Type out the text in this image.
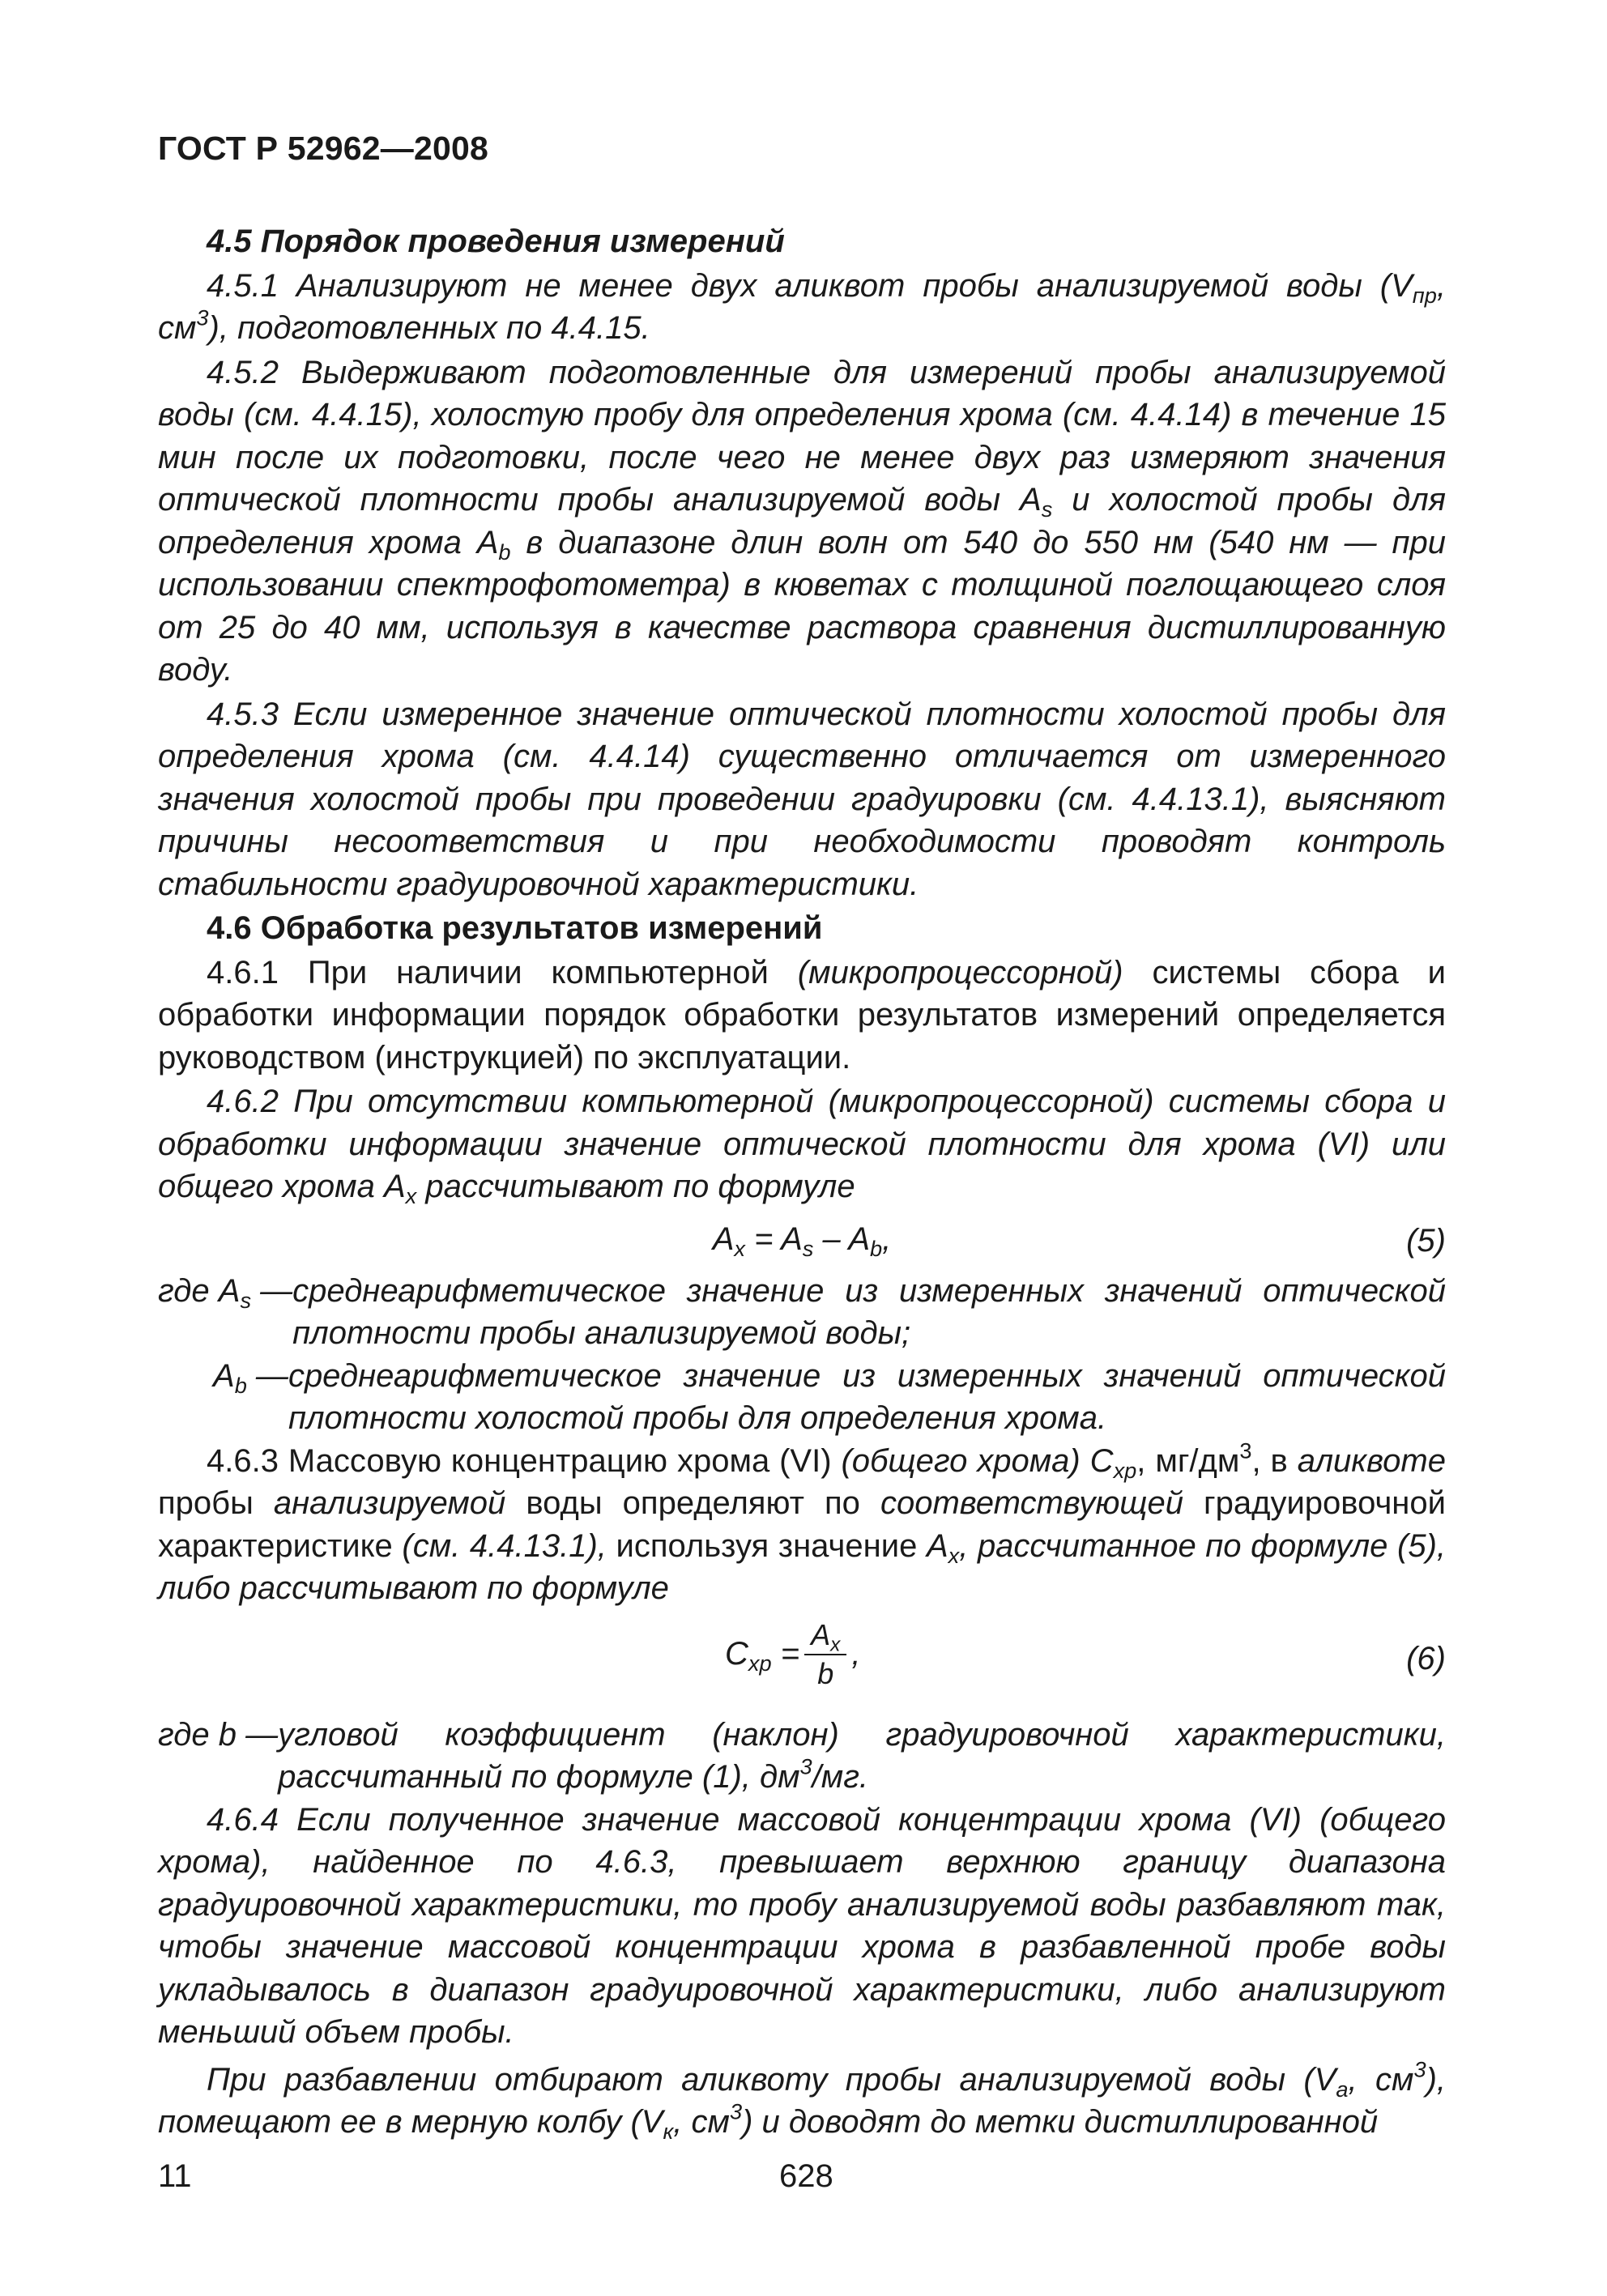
ГОСТ Р 52962—2008

4.5 Порядок проведения измерений

4.5.1 Анализируют не менее двух аликвот пробы анализируемой воды ($V_{пр}$, $см^3$), подготовленных по 4.4.15.

4.5.2 Выдерживают подготовленные для измерений пробы анализируемой воды (см. 4.4.15), холостую пробу для определения хрома (см. 4.4.14) в течение 15 мин после их подготовки, после чего не менее двух раз измеряют значения оптической плотности пробы анализируемой воды $A_s$ и холостой пробы для определения хрома $A_b$ в диапазоне длин волн от 540 до 550 нм (540 нм — при использовании спектрофотометра) в кюветах с толщиной поглощающего слоя от 25 до 40 мм, используя в качестве раствора сравнения дистиллированную воду.

4.5.3 Если измеренное значение оптической плотности холостой пробы для определения хрома (см. 4.4.14) существенно отличается от измеренного значения холостой пробы при проведении градуировки (см. 4.4.13.1), выясняют причины несоответствия и при необходимости проводят контроль стабильности градуировочной характеристики.

4.6 Обработка результатов измерений

4.6.1 При наличии компьютерной (микропроцессорной) системы сбора и обработки информации порядок обработки результатов измерений определяется руководством (инструкцией) по эксплуатации.

4.6.2 При отсутствии компьютерной (микропроцессорной) системы сбора и обработки информации значение оптической плотности для хрома (VI) или общего хрома $A_x$ рассчитывают по формуле

$A_x = A_s - A_b$,	(5)
где $A_s$ — среднеарифметическое значение из измеренных значений оптической плотности пробы анализируемой воды;
$A_b$ — среднеарифметическое значение из измеренных значений оптической плотности холостой пробы для определения хрома.

4.6.3 Массовую концентрацию хрома (VI) (общего хрома) $C_{хр}$, $мг/дм^3$, в аликвоте пробы анализируемой воды определяют по соответствующей градуировочной характеристике (см. 4.4.13.1), используя значение $A_x$, рассчитанное по формуле (5), либо рассчитывают по формуле

$C_{хр} = \frac{A_x}{b}$ ,	(6)
где b — угловой коэффициент (наклон) градуировочной характеристики, рассчитанный по формуле (1), $дм^3/мг$.

4.6.4 Если полученное значение массовой концентрации хрома (VI) (общего хрома), найденное по 4.6.3, превышает верхнюю границу диапазона градуировочной характеристики, то пробу анализируемой воды разбавляют так, чтобы значение массовой концентрации хрома в разбавленной пробе воды укладывалось в диапазон градуировочной характеристики, либо анализируют меньший объем пробы.

При разбавлении отбирают аликвоту пробы анализируемой воды ($V_а$, $см^3$), помещают ее в мерную колбу ($V_к$, $см^3$) и доводят до метки дистиллированной

11	628
